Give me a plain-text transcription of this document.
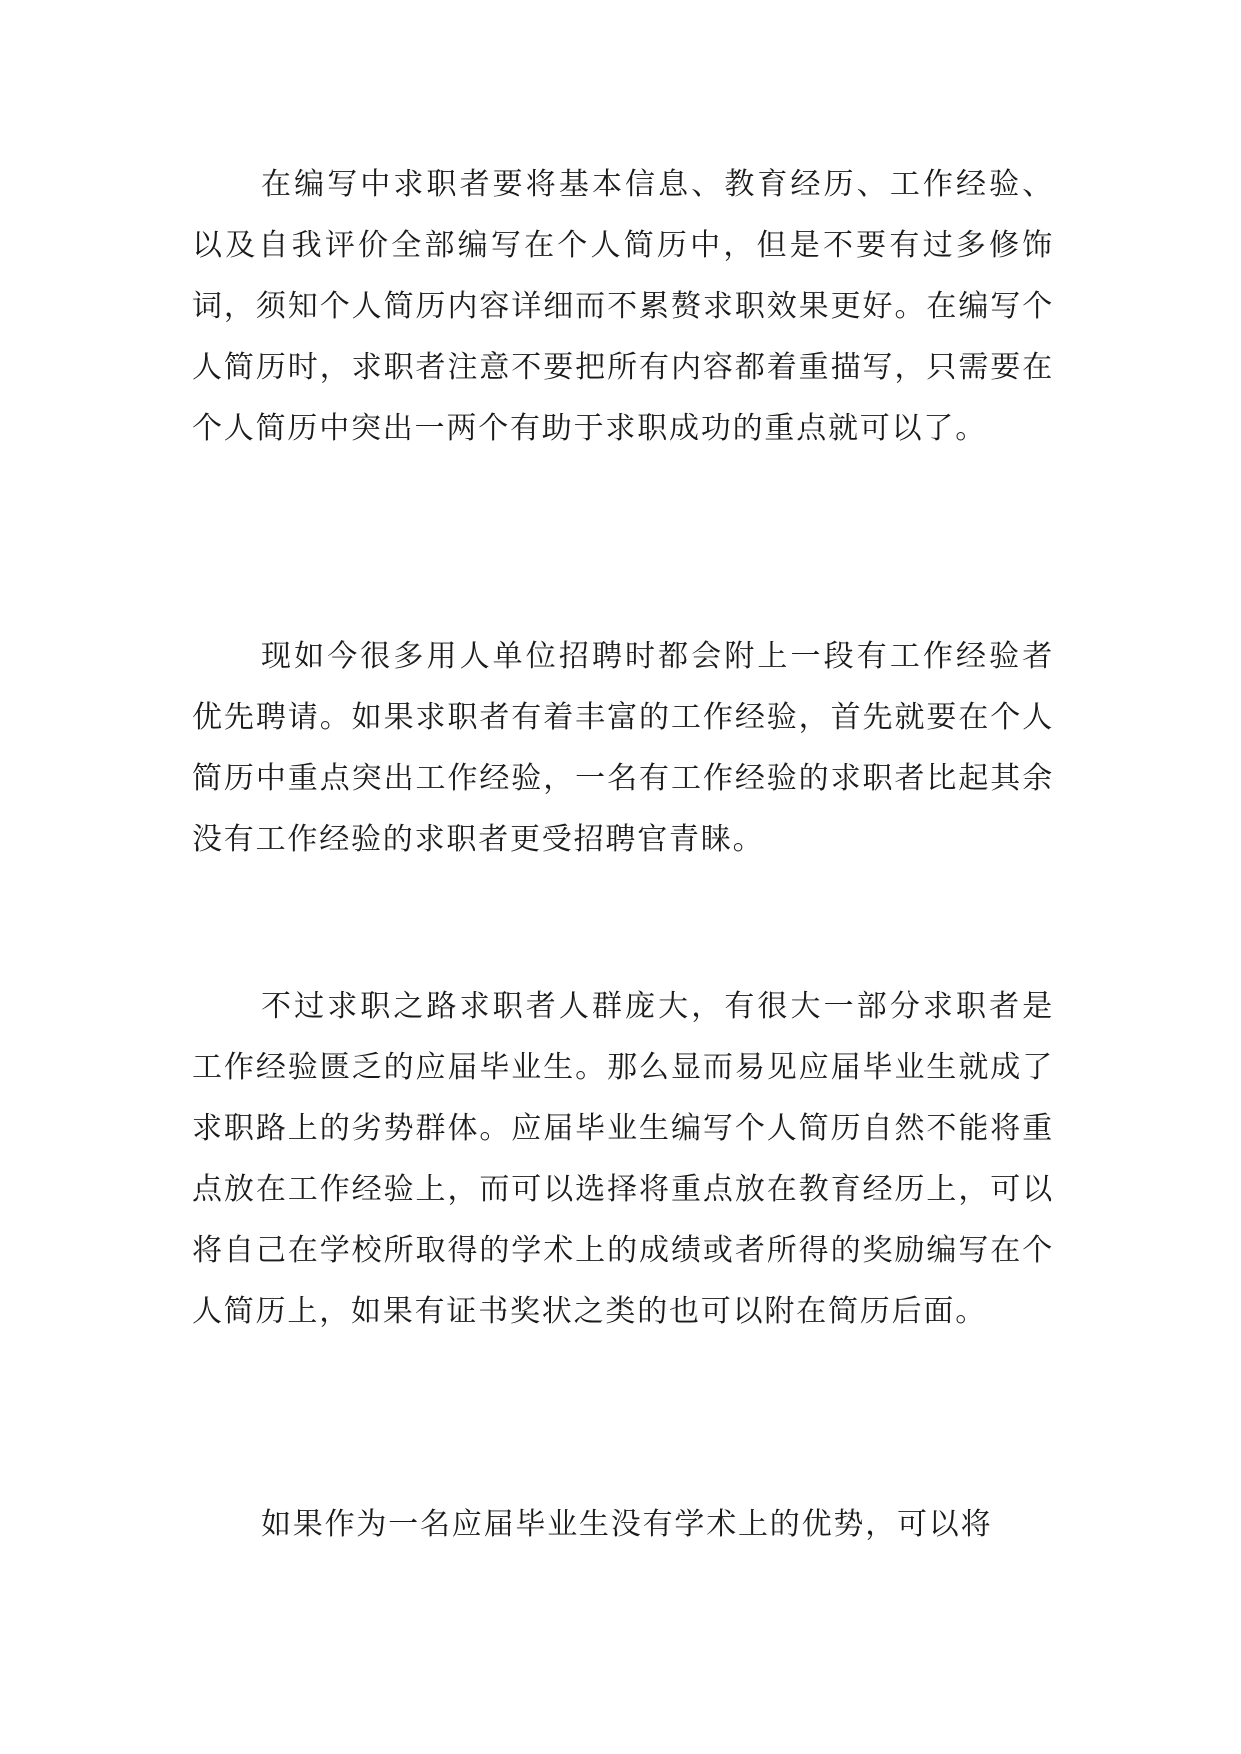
在编写中求职者要将基本信息、教育经历、工作经验、以及自我评价全部编写在个人简历中，但是不要有过多修饰词，须知个人简历内容详细而不累赘求职效果更好。在编写个人简历时，求职者注意不要把所有内容都着重描写，只需要在个人简历中突出一两个有助于求职成功的重点就可以了。

现如今很多用人单位招聘时都会附上一段有工作经验者优先聘请。如果求职者有着丰富的工作经验，首先就要在个人简历中重点突出工作经验，一名有工作经验的求职者比起其余没有工作经验的求职者更受招聘官青睐。

不过求职之路求职者人群庞大，有很大一部分求职者是工作经验匮乏的应届毕业生。那么显而易见应届毕业生就成了求职路上的劣势群体。应届毕业生编写个人简历自然不能将重点放在工作经验上，而可以选择将重点放在教育经历上，可以将自己在学校所取得的学术上的成绩或者所得的奖励编写在个人简历上，如果有证书奖状之类的也可以附在简历后面。

如果作为一名应届毕业生没有学术上的优势，可以将
